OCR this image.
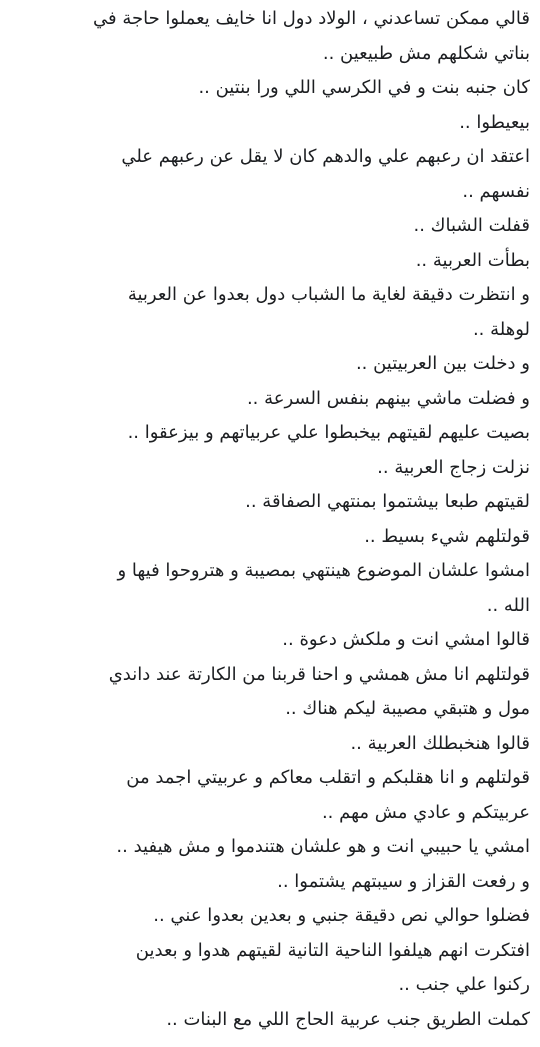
قالي ممكن تساعدني ، الولاد دول انا خايف يعملوا حاجة في
بناتي شكلهم مش طبيعين ..
كان جنبه بنت و في الكرسي اللي ورا بنتين ..
بيعيطوا ..
اعتقد ان رعبهم علي والدهم كان لا يقل عن رعبهم علي
نفسهم ..
قفلت الشباك ..
بطأت العربية ..
و انتظرت دقيقة لغاية ما الشباب دول بعدوا عن العربية
لوهلة ..
و دخلت بين العربيتين ..
و فضلت ماشي بينهم بنفس السرعة ..
بصيت عليهم لقيتهم بيخبطوا علي عربياتهم و بيزعقوا ..
نزلت زجاج العربية ..
لقيتهم طبعا بيشتموا بمنتهي الصفاقة ..
قولتلهم شيء بسيط ..
امشوا علشان الموضوع هينتهي بمصيبة و هتروحوا فيها و
الله ..
قالوا امشي انت و ملكش دعوة ..
قولتلهم انا مش همشي و احنا قربنا من الكارتة عند داندي
مول و هتبقي مصيبة ليكم هناك ..
قالوا هنخبطلك العربية ..
قولتلهم و انا هقلبكم و اتقلب معاكم و عربيتي اجمد من
عربيتكم و عادي مش مهم ..
امشي يا حبيبي انت و هو علشان هتندموا و مش هيفيد ..
و رفعت القزاز و سيبتهم يشتموا ..
فضلوا حوالي نص دقيقة جنبي و بعدين بعدوا عني ..
افتكرت انهم هيلفوا الناحية التانية لقيتهم هدوا و بعدين
ركنوا علي جنب ..
كملت الطريق جنب عربية الحاج اللي مع البنات ..
